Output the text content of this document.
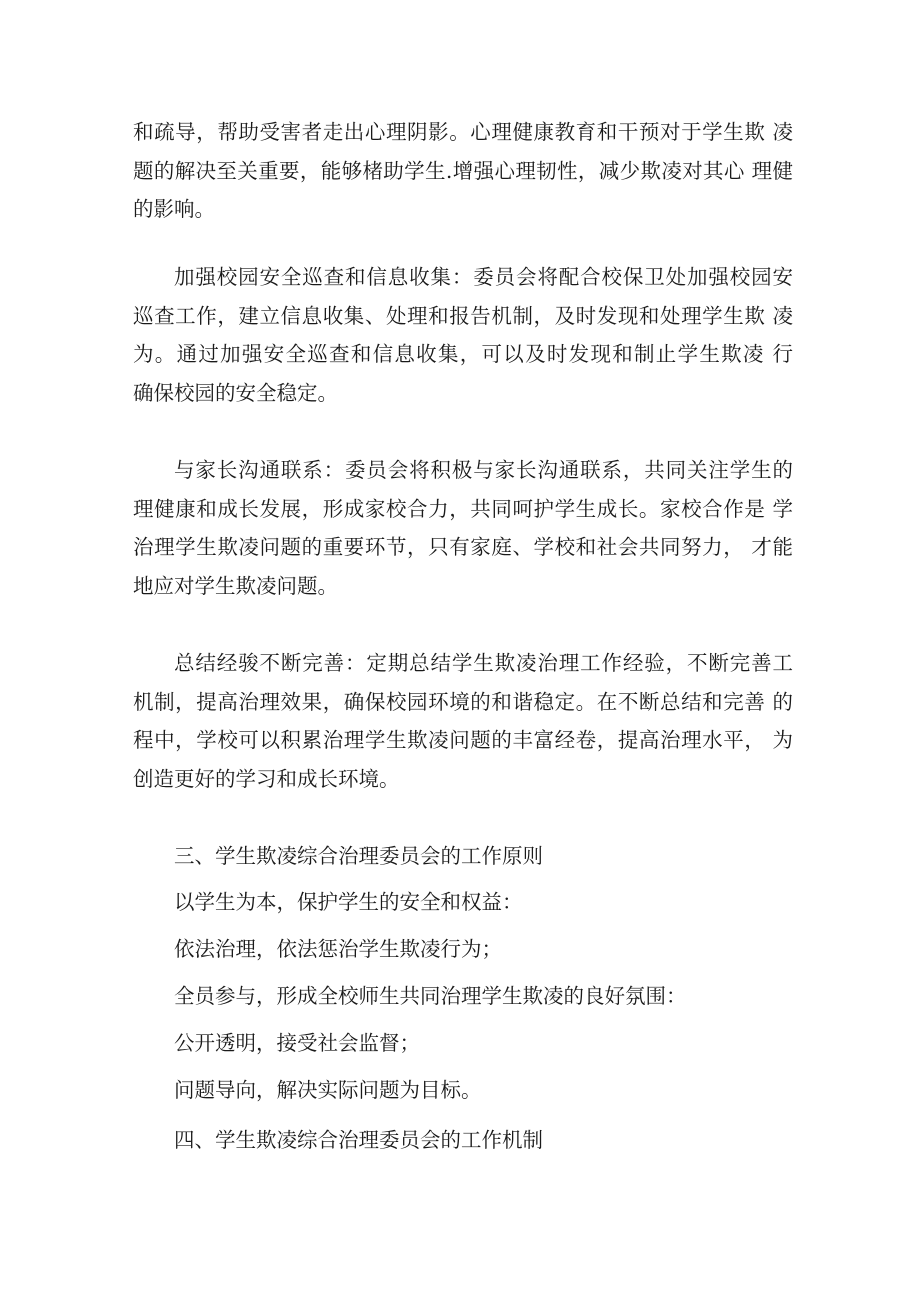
和疏导，帮助受害者走出心理阴影。心理健康教育和干预对于学生欺 凌
题的解决至关重要，能够楮助学生.增强心理韧性，减少欺凌对其心 理健
的影响。
加强校园安全巡查和信息收集：委员会将配合校保卫处加强校园安
巡查工作，建立信息收集、处理和报告机制，及时发现和处理学生欺 凌
为。通过加强安全巡查和信息收集，可以及时发现和制止学生欺凌 行
确保校园的安全稳定。
与家长沟通联系：委员会将积极与家长沟通联系，共同关注学生的
理健康和成长发展，形成家校合力，共同呵护学生成长。家校合作是 学
治理学生欺凌问题的重要环节，只有家庭、学校和社会共同努力， 才能
地应对学生欺凌问题。
总结经骏不断完善：定期总结学生欺凌治理工作经验，不断完善工
机制，提高治理效果，确保校园环境的和谐稳定。在不断总结和完善 的
程中，学校可以积累治理学生欺凌问题的丰富经卷，提高治理水平， 为
创造更好的学习和成长环境。
三、学生欺凌综合治理委员会的工作原则
以学生为本，保护学生的安全和权益：
依法治理，依法惩治学生欺凌行为；
全员参与，形成全校师生共同治理学生欺凌的良好氛围：
公开透明，接受社会监督；
问题导向，解决实际问题为目标。
四、学生欺凌综合治理委员会的工作机制
